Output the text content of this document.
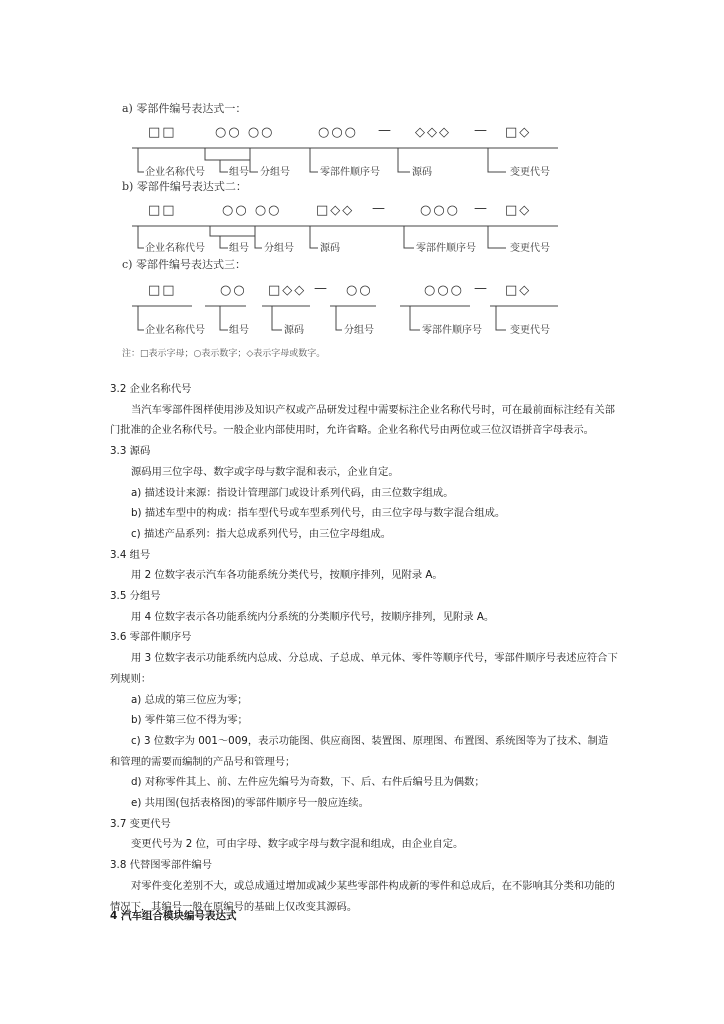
a) 零部件编号表达式一：
□□	○○ ○○	○○○ — ◇◇◇ — □◇
企业名称代号 组号 分组号	零部件顺序号	源码	变更代号
b) 零部件编号表达式二：
□□	○○ ○○	□◇◇ —	○○○ — □◇
企业名称代号 组号 分组号	源码	零部件顺序号	变更代号
c) 零部件编号表达式三：
□□	○○ □◇◇ — ○○	○○○ — □◇
企业名称代号 组号	源码	分组号	零部件顺序号	变更代号
注：□表示字母；○表示数字；◇表示字母或数字。

3.2 企业名称代号

当汽车零部件图样使用涉及知识产权或产品研发过程中需要标注企业名称代号时，可在最前面标注经有关部门批准的企业名称代号。一般企业内部使用时，允许省略。企业名称代号由两位或三位汉语拼音字母表示。

3.3 源码

源码用三位字母、数字或字母与数字混和表示，企业自定。

a) 描述设计来源：指设计管理部门或设计系列代码，由三位数字组成。

b) 描述车型中的构成：指车型代号或车型系列代号，由三位字母与数字混合组成。

c) 描述产品系列：指大总成系列代号，由三位字母组成。

3.4 组号

用 2 位数字表示汽车各功能系统分类代号，按顺序排列，见附录 A。

3.5 分组号

用 4 位数字表示各功能系统内分系统的分类顺序代号，按顺序排列，见附录 A。

3.6 零部件顺序号

用 3 位数字表示功能系统内总成、分总成、子总成、单元体、零件等顺序代号，零部件顺序号表述应符合下列规则：

a) 总成的第三位应为零；

b) 零件第三位不得为零；

c) 3 位数字为 001～009，表示功能图、供应商图、装置图、原理图、布置图、系统图等为了技术、制造和管理的需要而编制的产品号和管理号；

d) 对称零件其上、前、左件应先编号为奇数，下、后、右件后编号且为偶数；

e) 共用图(包括表格图)的零部件顺序号一般应连续。

3.7 变更代号

变更代号为 2 位，可由字母、数字或字母与数字混和组成，由企业自定。

3.8 代替图零部件编号

对零件变化差别不大，或总成通过增加或减少某些零部件构成新的零件和总成后，在不影响其分类和功能的情况下，其编号一般在原编号的基础上仅改变其源码。

4 汽车组合模块编号表达式
